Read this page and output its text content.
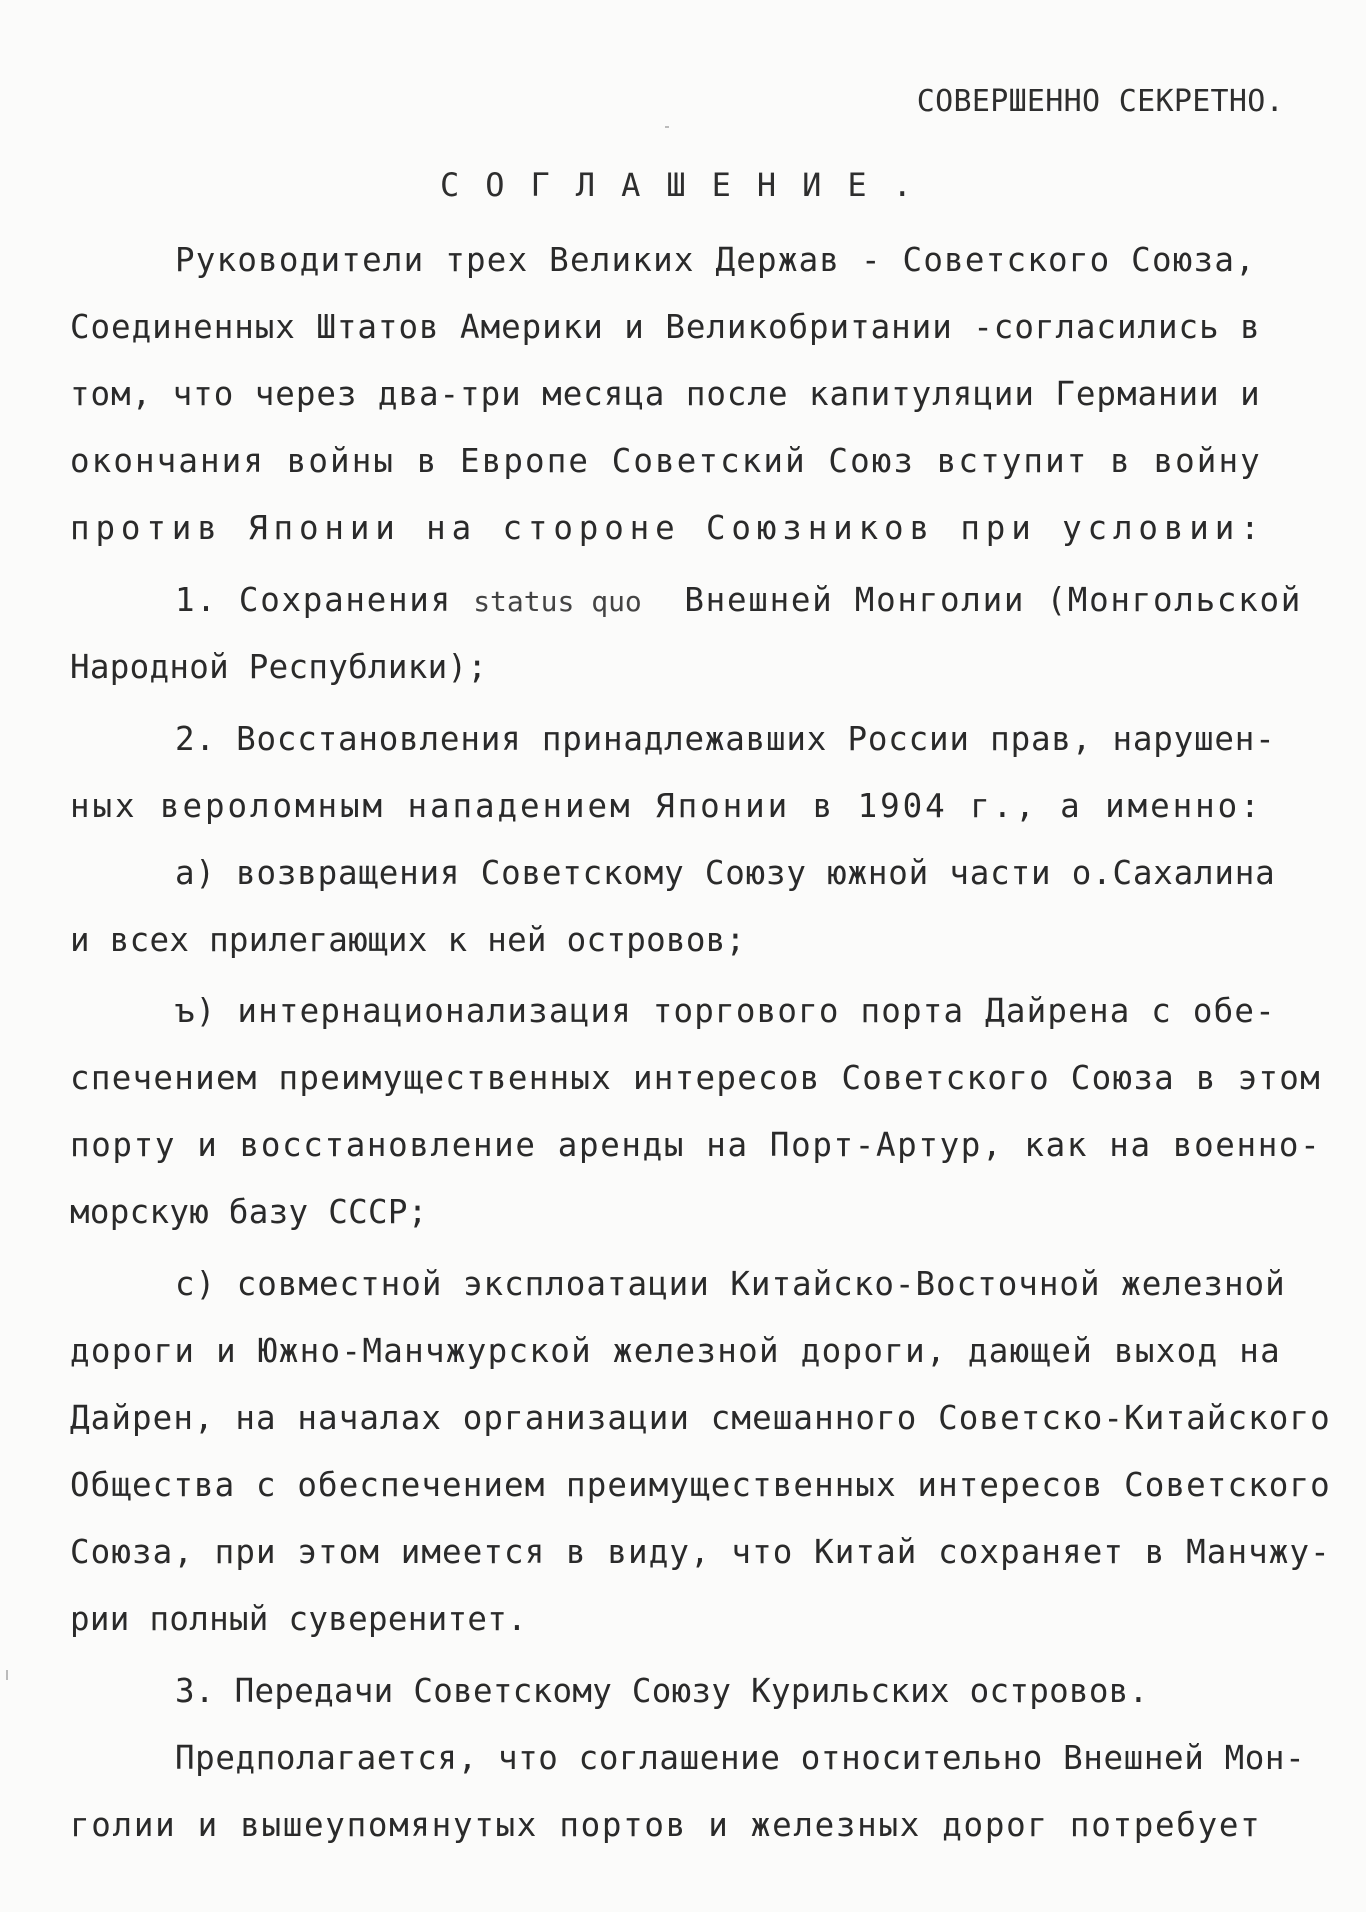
СОВЕРШЕННО СЕКРЕТНО.
СОГЛАШЕНИЕ.
Руководители трех Великих Держав - Советского Союза,
Соединенных Штатов Америки и Великобритании -согласились в
том, что через два-три месяца после капитуляции Германии и
окончания войны в Европе Советский Союз вступит в войну
против Японии на стороне Союзников при условии:
1. Сохранения status quo  Внешней Монголии (Монгольской
Народной Республики);
2. Восстановления принадлежавших России прав, нарушен-
ных вероломным нападением Японии в 1904 г., а именно:
а) возвращения Советскому Союзу южной части о.Сахалина
и всех прилегающих к ней островов;
ъ) интернационализация торгового порта Дайрена с обе-
спечением преимущественных интересов Советского Союза в этом
порту и восстановление аренды на Порт-Артур, как на военно-
морскую базу СССР;
с) совместной эксплоатации Китайско-Восточной железной
дороги и Южно-Манчжурской железной дороги, дающей выход на
Дайрен, на началах организации смешанного Советско-Китайского
Общества с обеспечением преимущественных интересов Советского
Союза, при этом имеется в виду, что Китай сохраняет в Манчжу-
рии полный суверенитет.
3. Передачи Советскому Союзу Курильских островов.
Предполагается, что соглашение относительно Внешней Мон-
голии и вышеупомянутых портов и железных дорог потребует
